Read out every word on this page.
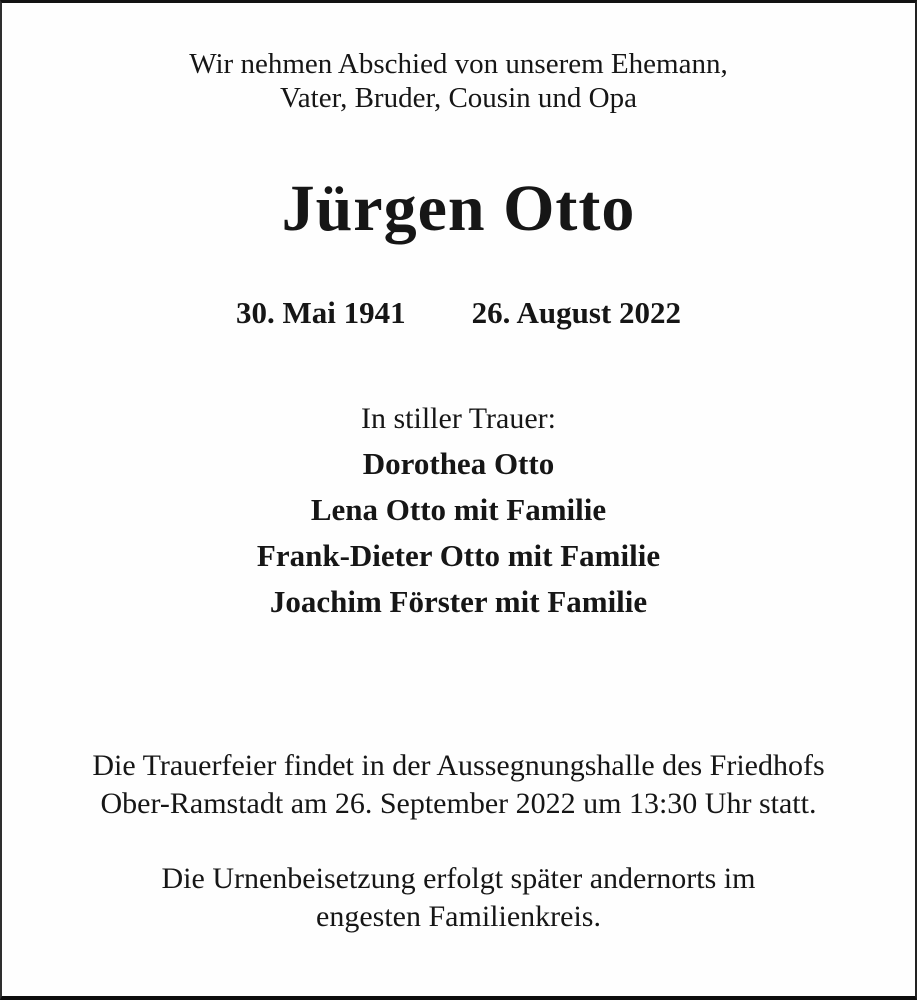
Wir nehmen Abschied von unserem Ehemann,
Vater, Bruder, Cousin und Opa

Jürgen Otto
30. Mai 1941 26. August 2022

In stiller Trauer:

Dorothea Otto
Lena Otto mit Familie
Frank-Dieter Otto mit Familie
Joachim Förster mit Familie

Die Trauerfeier findet in der Aussegnungshalle des Friedhofs
Ober-Ramstadt am 26. September 2022 um 13:30 Uhr statt.

Die Urnenbeisetzung erfolgt später andernorts im
engesten Familienkreis.
